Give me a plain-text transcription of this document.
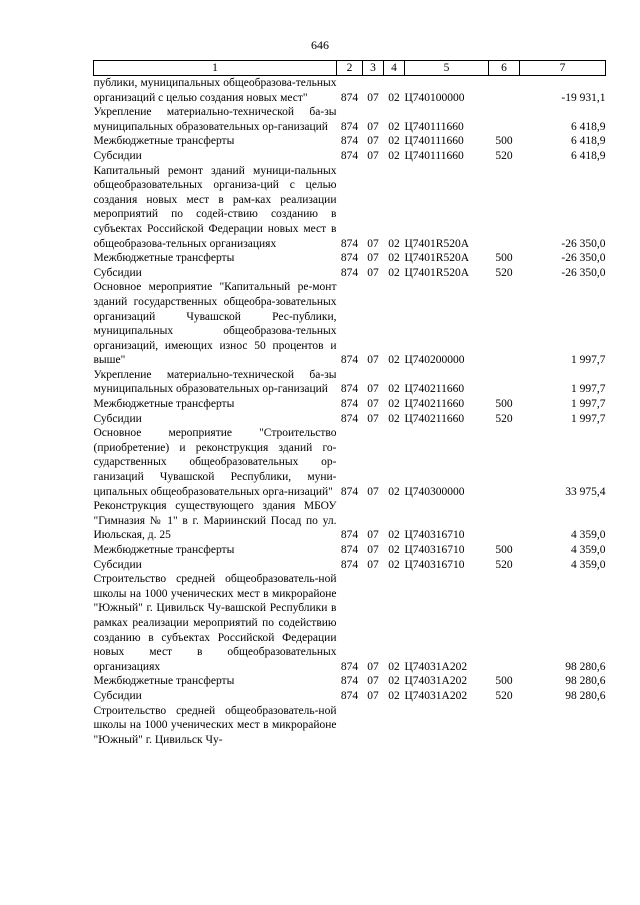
646
1	2	3	4	5	6	7
публики, муниципальных общеобразова-тельных организаций с целью создания новых мест"	874	07	02	Ц740100000		-19 931,1
Укрепление материально-технической ба-зы муниципальных образовательных ор-ганизаций	874	07	02	Ц740111660		6 418,9
Межбюджетные трансферты	874	07	02	Ц740111660	500	6 418,9
Субсидии	874	07	02	Ц740111660	520	6 418,9
Капитальный ремонт зданий муници-пальных общеобразовательных организа-ций с целью создания новых мест в рам-ках реализации мероприятий по содей-ствию созданию в субъектах Российской Федерации новых мест в общеобразова-тельных организациях	874	07	02	Ц7401R520А		-26 350,0
Межбюджетные трансферты	874	07	02	Ц7401R520А	500	-26 350,0
Субсидии	874	07	02	Ц7401R520А	520	-26 350,0
Основное мероприятие "Капитальный ре-монт зданий государственных общеобра-зовательных организаций Чувашской Рес-публики, муниципальных общеобразова-тельных организаций, имеющих износ 50 процентов и выше"	874	07	02	Ц740200000		1 997,7
Укрепление материально-технической ба-зы муниципальных образовательных ор-ганизаций	874	07	02	Ц740211660		1 997,7
Межбюджетные трансферты	874	07	02	Ц740211660	500	1 997,7
Субсидии	874	07	02	Ц740211660	520	1 997,7
Основное мероприятие "Строительство (приобретение) и реконструкция зданий го-сударственных общеобразовательных ор-ганизаций Чувашской Республики, муни-ципальных общеобразовательных орга-низаций"	874	07	02	Ц740300000		33 975,4
Реконструкция существующего здания МБОУ "Гимназия № 1" в г. Мариинский Посад по ул. Июльская, д. 25	874	07	02	Ц740316710		4 359,0
Межбюджетные трансферты	874	07	02	Ц740316710	500	4 359,0
Субсидии	874	07	02	Ц740316710	520	4 359,0
Строительство средней общеобразователь-ной школы на 1000 ученических мест в микрорайоне "Южный" г. Цивильск Чу-вашской Республики в рамках реализации мероприятий по содействию созданию в субъектах Российской Федерации новых мест в общеобразовательных организациях	874	07	02	Ц74031А202		98 280,6
Межбюджетные трансферты	874	07	02	Ц74031А202	500	98 280,6
Субсидии	874	07	02	Ц74031А202	520	98 280,6
Строительство средней общеобразователь-ной школы на 1000 ученических мест в микрорайоне "Южный" г. Цивильск Чу-						
